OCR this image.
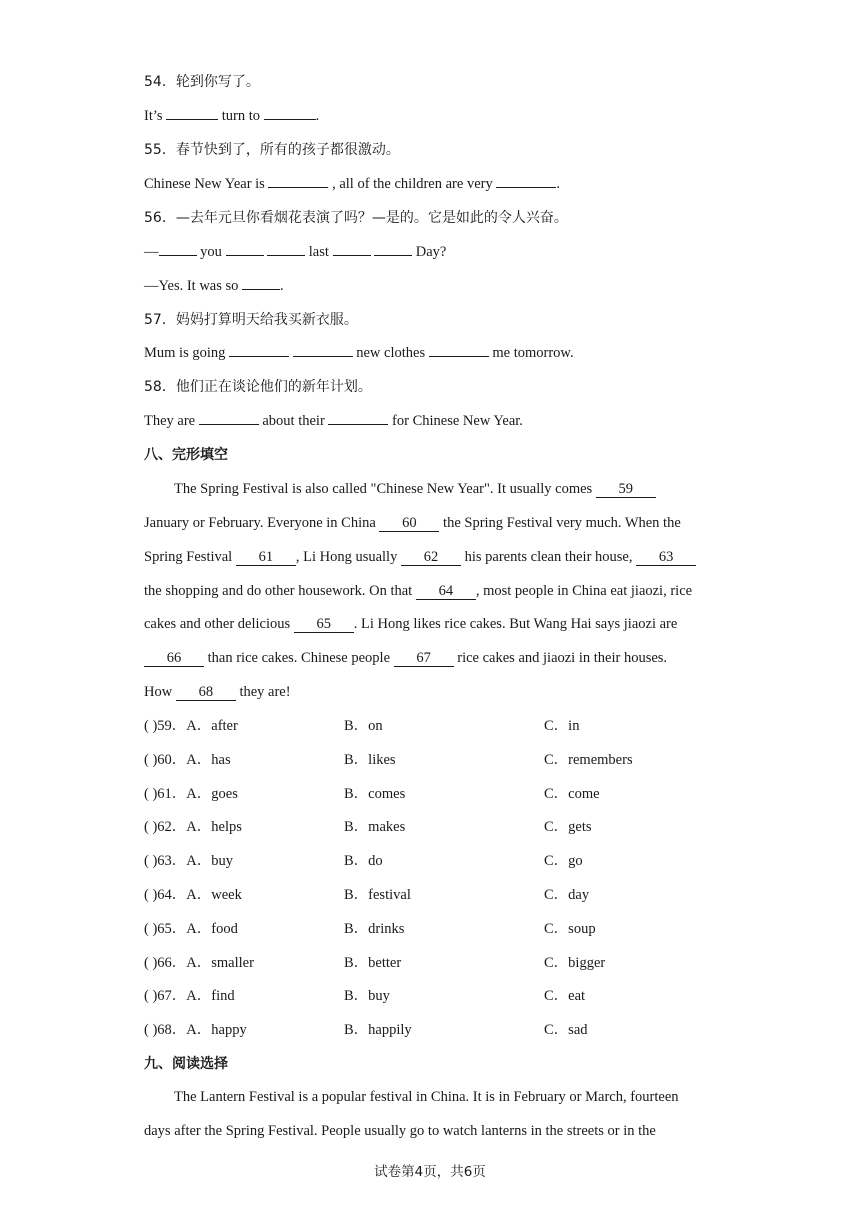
54．轮到你写了。
It’s	turn to	.
55．春节快到了，所有的孩子都很激动。
Chinese New Year is	, all of the children are very	.
56．—去年元旦你看烟花表演了吗？—是的。它是如此的令人兴奋。
—	you	last	Day?
—Yes. It was so	.
57．妈妈打算明天给我买新衣服。
Mum is going	new clothes	me tomorrow.
58．他们正在谈论他们的新年计划。
They are	about their	for Chinese New Year.
八、完形填空
The Spring Festival is also called "Chinese New Year". It usually comes 59
January or February. Everyone in China 60 the Spring Festival very much. When the
Spring Festival 61 , Li Hong usually 62 his parents clean their house, 63
the shopping and do other housework. On that 64 , most people in China eat jiaozi, rice
cakes and other delicious 65 . Li Hong likes rice cakes. But Wang Hai says jiaozi are
66 than rice cakes. Chinese people 67 rice cakes and jiaozi in their houses.
How 68 they are!
( )59．A．after	B．on	C．in
( )60．A．has	B．likes	C．remembers
( )61．A．goes	B．comes	C．come
( )62．A．helps	B．makes	C．gets
( )63．A．buy	B．do	C．go
( )64．A．week	B．festival	C．day
( )65．A．food	B．drinks	C．soup
( )66．A．smaller	B．better	C．bigger
( )67．A．find	B．buy	C．eat
( )68．A．happy	B．happily	C．sad
九、阅读选择
The Lantern Festival is a popular festival in China. It is in February or March, fourteen
days after the Spring Festival. People usually go to watch lanterns in the streets or in the
试卷第4页，共6页
